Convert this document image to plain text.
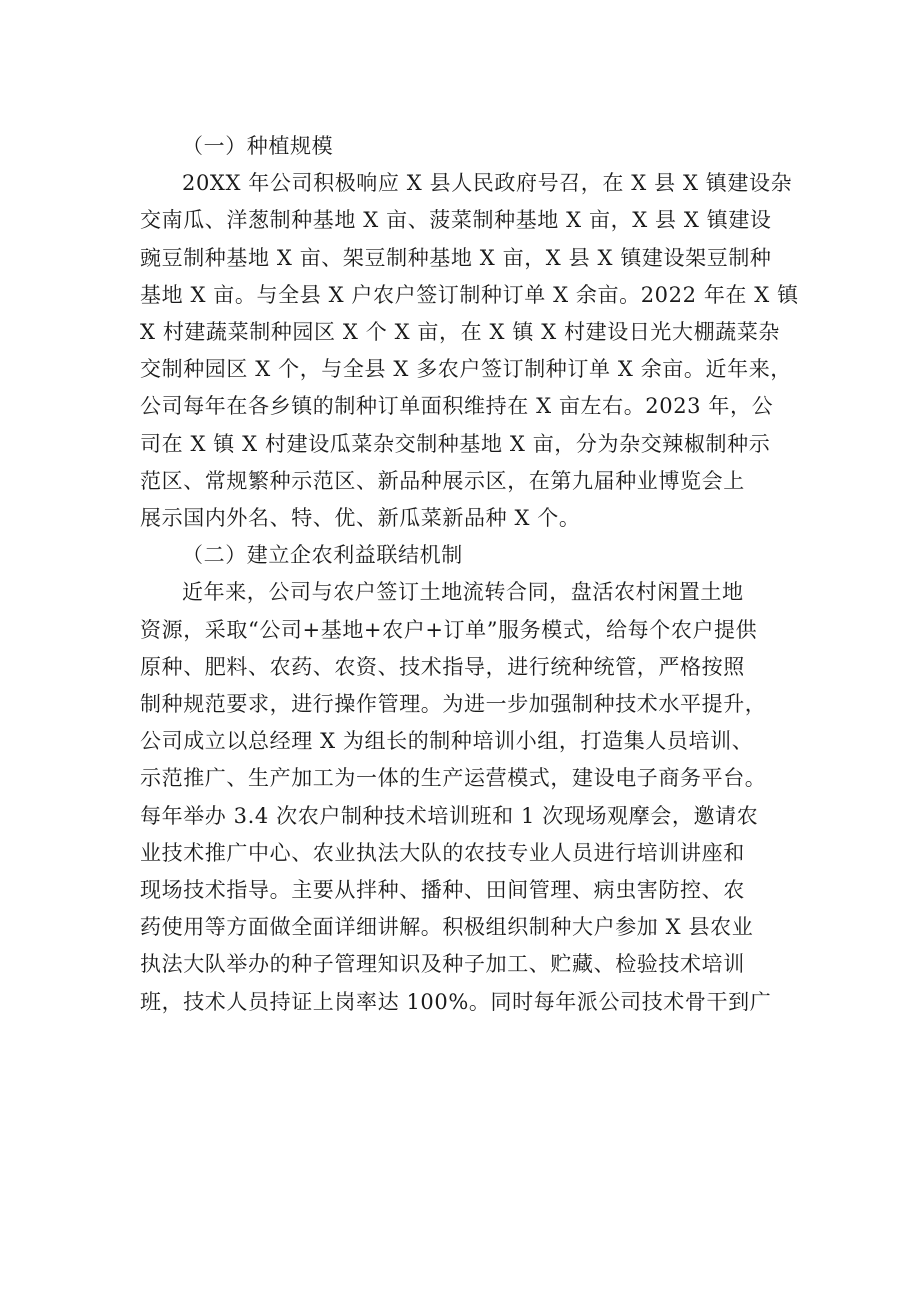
（一）种植规模

20XX 年公司积极响应 X 县人民政府号召，在 X 县 X 镇建设杂
交南瓜、洋葱制种基地 X 亩、菠菜制种基地 X 亩，X 县 X 镇建设
豌豆制种基地 X 亩、架豆制种基地 X 亩，X 县 X 镇建设架豆制种
基地 X 亩。与全县 X 户农户签订制种订单 X 余亩。2022 年在 X 镇
X 村建蔬菜制种园区 X 个 X 亩，在 X 镇 X 村建设日光大棚蔬菜杂
交制种园区 X 个，与全县 X 多农户签订制种订单 X 余亩。近年来，
公司每年在各乡镇的制种订单面积维持在 X 亩左右。2023 年，公
司在 X 镇 X 村建设瓜菜杂交制种基地 X 亩，分为杂交辣椒制种示
范区、常规繁种示范区、新品种展示区，在第九届种业博览会上
展示国内外名、特、优、新瓜菜新品种 X 个。

（二）建立企农利益联结机制

近年来，公司与农户签订土地流转合同，盘活农村闲置土地
资源，采取“公司+基地+农户+订单”服务模式，给每个农户提供
原种、肥料、农药、农资、技术指导，进行统种统管，严格按照
制种规范要求，进行操作管理。为进一步加强制种技术水平提升，
公司成立以总经理 X 为组长的制种培训小组，打造集人员培训、
示范推广、生产加工为一体的生产运营模式，建设电子商务平台。
每年举办 3.4 次农户制种技术培训班和 1 次现场观摩会，邀请农
业技术推广中心、农业执法大队的农技专业人员进行培训讲座和
现场技术指导。主要从拌种、播种、田间管理、病虫害防控、农
药使用等方面做全面详细讲解。积极组织制种大户参加 X 县农业
执法大队举办的种子管理知识及种子加工、贮藏、检验技术培训
班，技术人员持证上岗率达 100%。同时每年派公司技术骨干到广
